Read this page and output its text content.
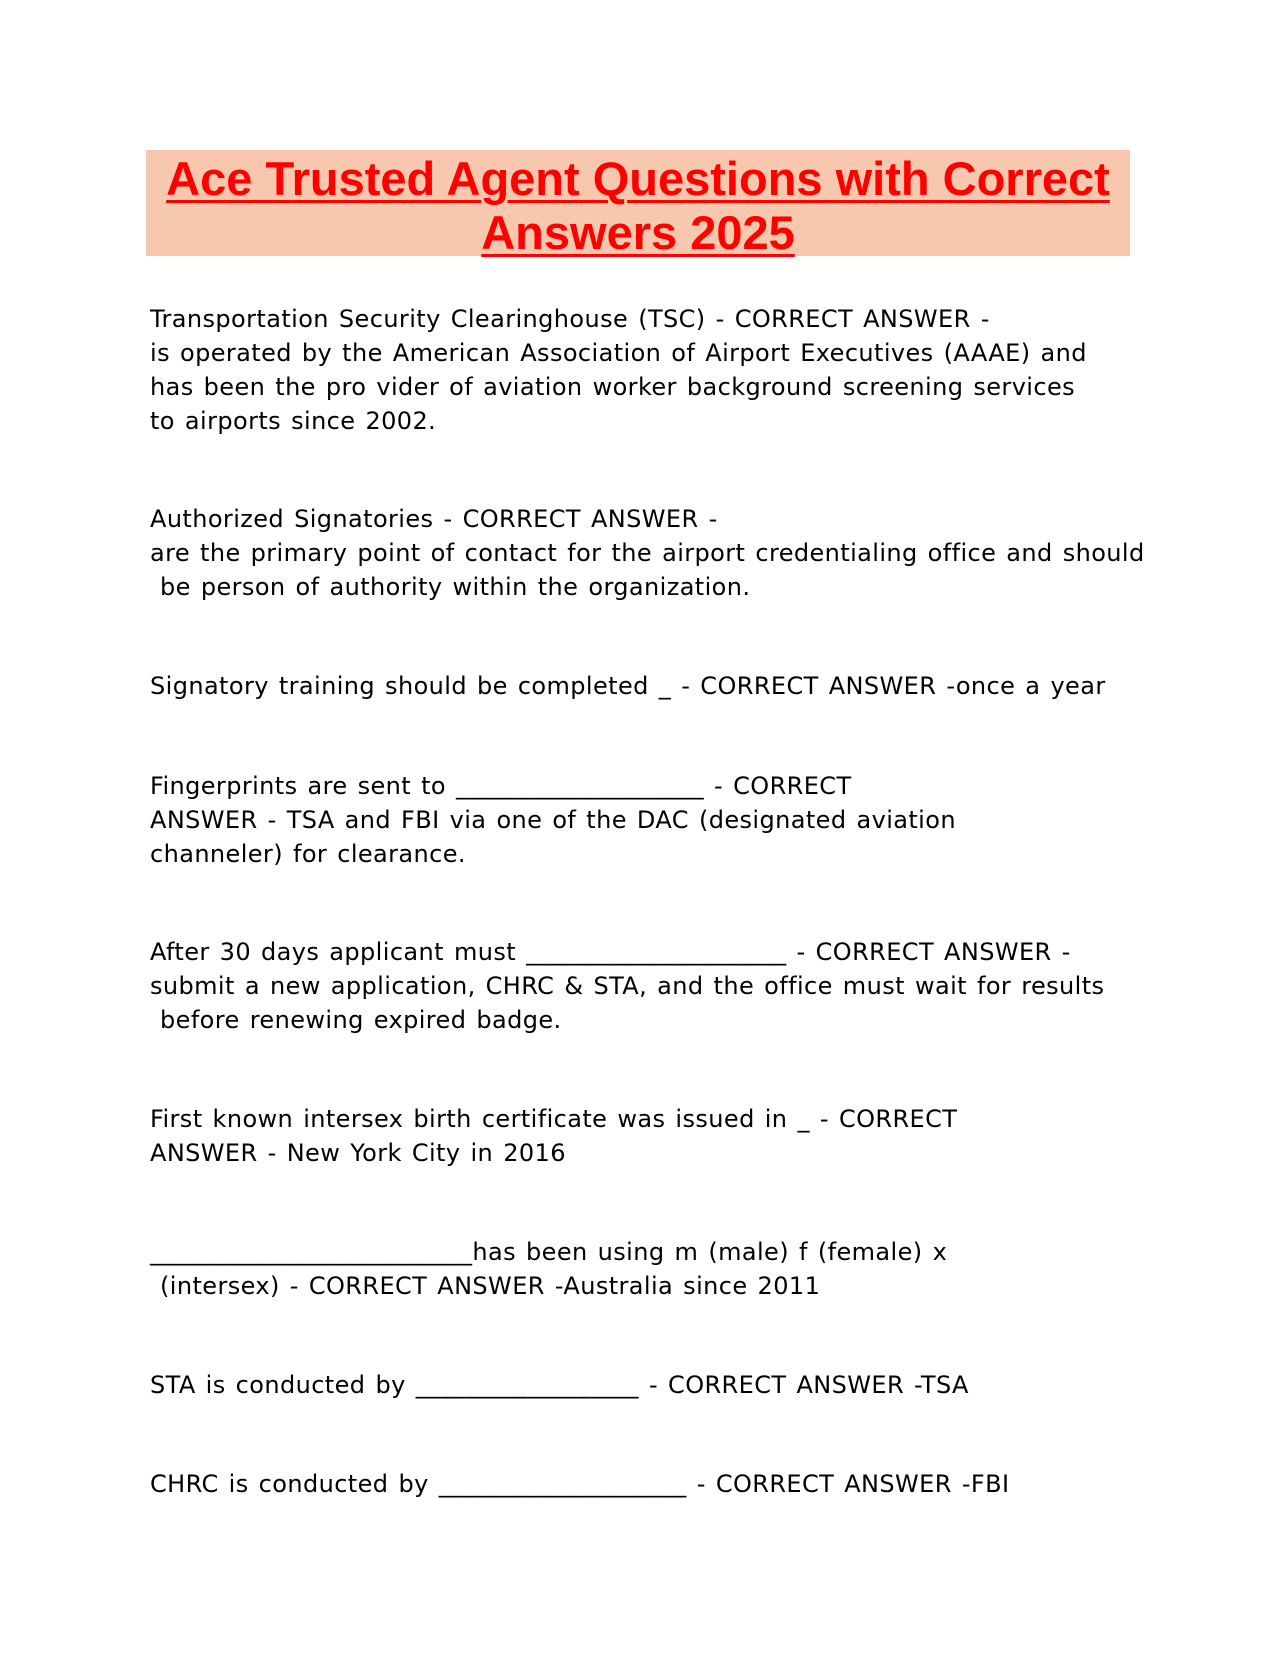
Ace Trusted Agent Questions with Correct
Answers 2025
Transportation Security Clearinghouse (TSC) - CORRECT ANSWER -
is operated by the American Association of Airport Executives (AAAE) and
has been the pro vider of aviation worker background screening services
to airports since 2002.
Authorized Signatories - CORRECT ANSWER -
are the primary point of contact for the airport credentialing office and should
be person of authority within the organization.
Signatory training should be completed _ - CORRECT ANSWER -once a year
Fingerprints are sent to ____________________ - CORRECT
ANSWER - TSA and FBI via one of the DAC (designated aviation
channeler) for clearance.
After 30 days applicant must _____________________ - CORRECT ANSWER -
submit a new application, CHRC & STA, and the office must wait for results
before renewing expired badge.
First known intersex birth certificate was issued in _ - CORRECT
ANSWER - New York City in 2016
__________________________has been using m (male) f (female) x
(intersex) - CORRECT ANSWER -Australia since 2011
STA is conducted by __________________ - CORRECT ANSWER -TSA
CHRC is conducted by ____________________ - CORRECT ANSWER -FBI
